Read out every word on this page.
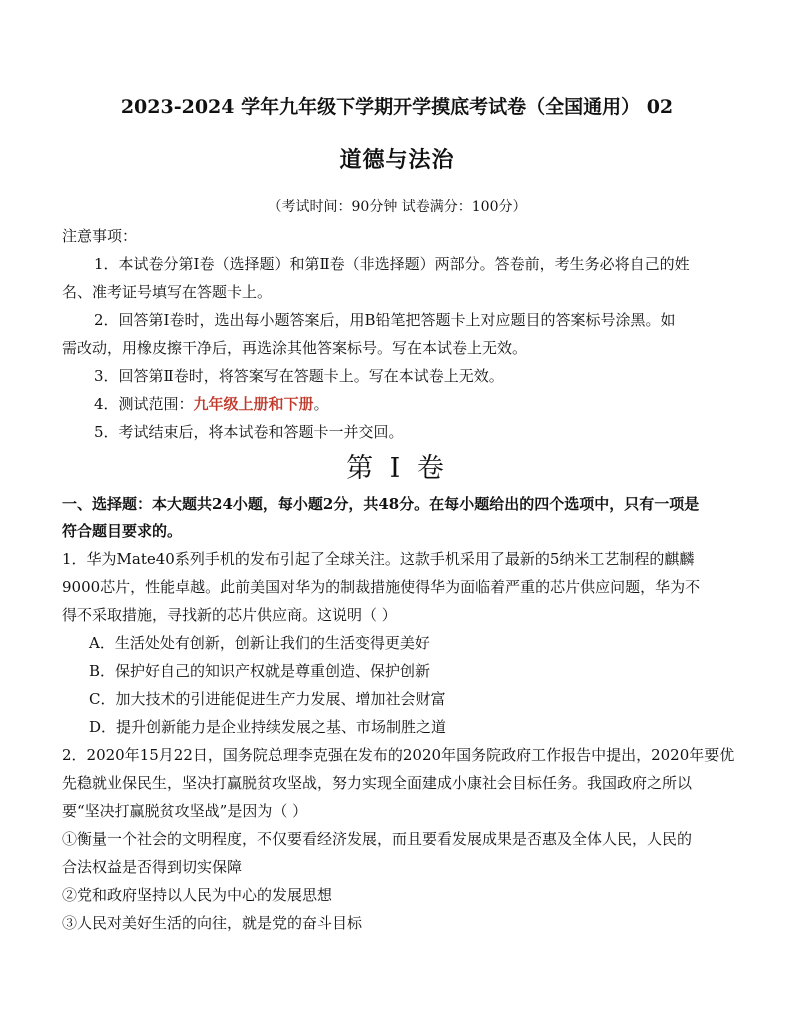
2023-2024 学年九年级下学期开学摸底考试卷（全国通用） 02
道德与法治
（考试时间：90分钟 试卷满分：100分）
注意事项：
1．本试卷分第Ⅰ卷（选择题）和第Ⅱ卷（非选择题）两部分。答卷前，考生务必将自己的姓
名、准考证号填写在答题卡上。
2．回答第Ⅰ卷时，选出每小题答案后，用B铅笔把答题卡上对应题目的答案标号涂黑。如
需改动，用橡皮擦干净后，再选涂其他答案标号。写在本试卷上无效。
3．回答第Ⅱ卷时，将答案写在答题卡上。写在本试卷上无效。
4．测试范围：九年级上册和下册。
5．考试结束后，将本试卷和答题卡一并交回。
第 I 卷
一、选择题：本大题共24小题，每小题2分，共48分。在每小题给出的四个选项中，只有一项是
符合题目要求的。
1．华为Mate40系列手机的发布引起了全球关注。这款手机采用了最新的5纳米工艺制程的麒麟
9000芯片，性能卓越。此前美国对华为的制裁措施使得华为面临着严重的芯片供应问题，华为不
得不采取措施，寻找新的芯片供应商。这说明（ ）
A．生活处处有创新，创新让我们的生活变得更美好
B．保护好自己的知识产权就是尊重创造、保护创新
C．加大技术的引进能促进生产力发展、增加社会财富
D．提升创新能力是企业持续发展之基、市场制胜之道
2．2020年15月22日，国务院总理李克强在发布的2020年国务院政府工作报告中提出，2020年要优
先稳就业保民生，坚决打赢脱贫攻坚战，努力实现全面建成小康社会目标任务。我国政府之所以
要“坚决打赢脱贫攻坚战”是因为（ ）
①衡量一个社会的文明程度，不仅要看经济发展，而且要看发展成果是否惠及全体人民，人民的
合法权益是否得到切实保障
②党和政府坚持以人民为中心的发展思想
③人民对美好生活的向往，就是党的奋斗目标
